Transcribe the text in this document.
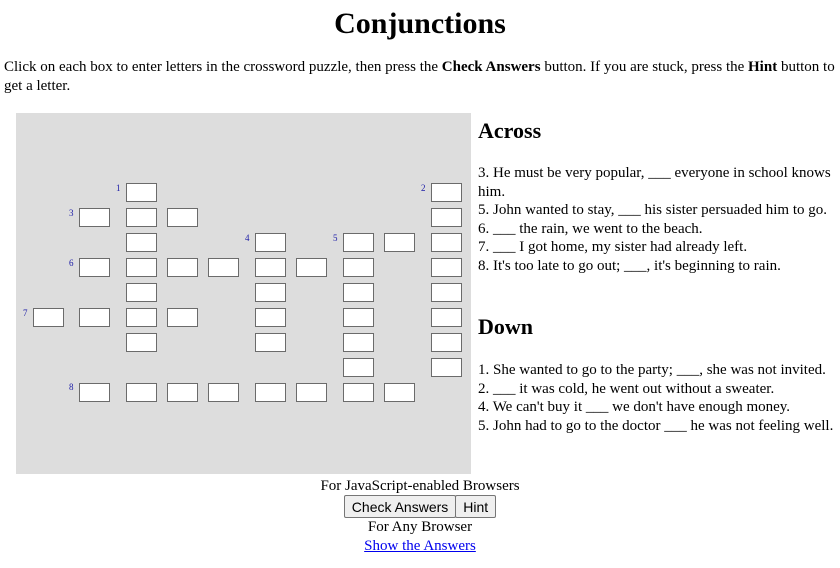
Conjunctions

Click on each box to enter letters in the crossword puzzle, then press the Check Answers button. If you are stuck, press the Hint button to get a letter.

1	2
3
4	5
6
7
8
Across
3. He must be very popular, ___ everyone in school knows him.
5. John wanted to stay, ___ his sister persuaded him to go.
6. ___ the rain, we went to the beach.
7. ___ I got home, my sister had already left.
8. It's too late to go out; ___, it's beginning to rain.
Down
1. She wanted to go to the party; ___, she was not invited.
2. ___ it was cold, he went out without a sweater.
4. We can't buy it ___ we don't have enough money.
5. John had to go to the doctor ___ he was not feeling well.
For JavaScript-enabled Browsers
Check Answers	Hint
For Any Browser
Show the Answers
